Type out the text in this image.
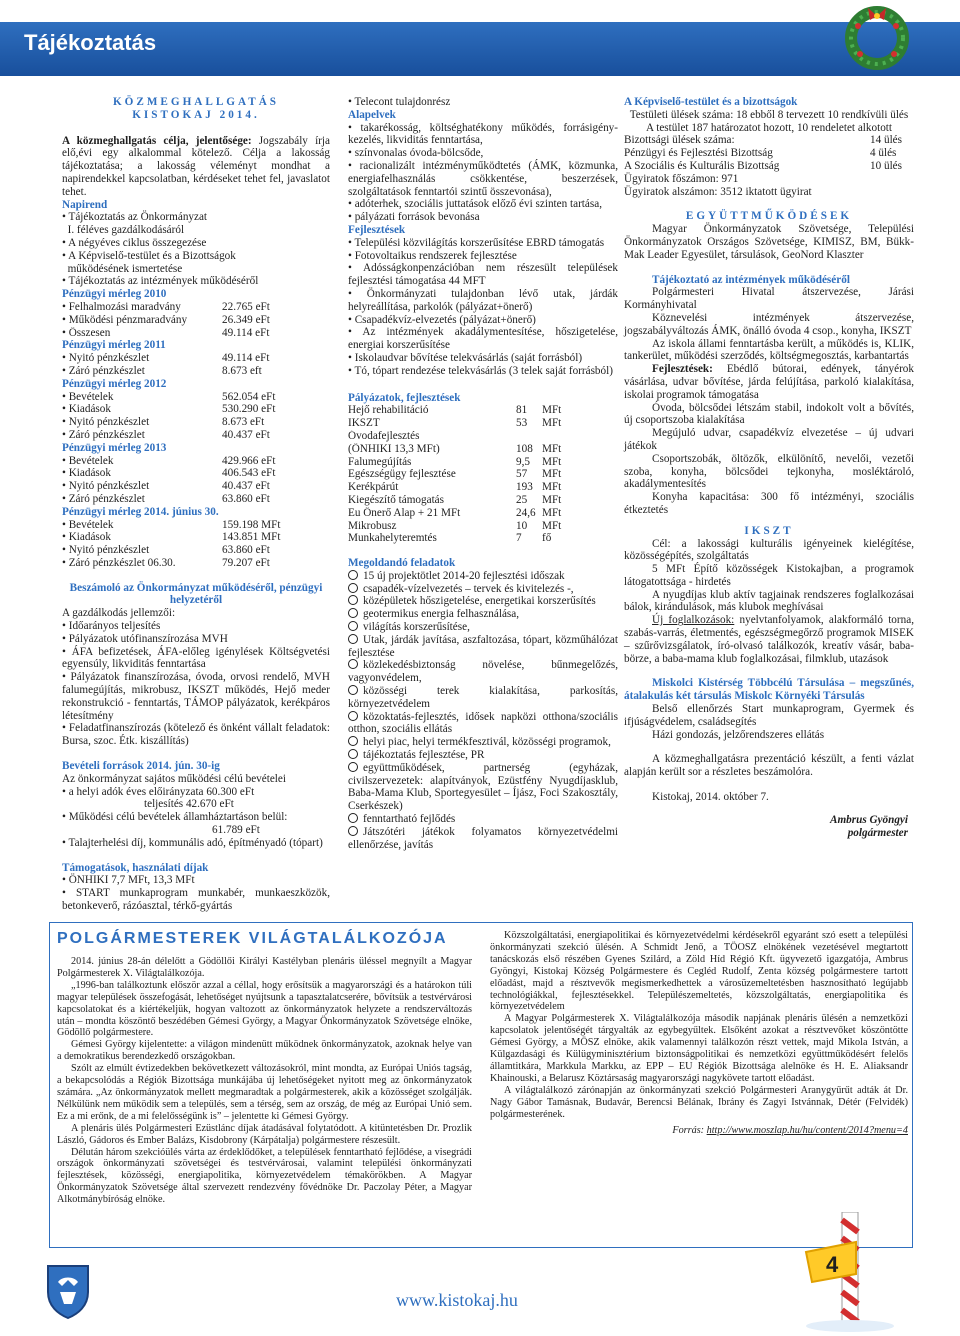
Tájékoztatás
KÖZMEGHALLGATÁS
KISTOKAJ 2014.
A közmeghallgatás célja, jelentősége: Jogszabály írja elő,évi egy alkalommal kötelező. Célja a lakosság tájékoztatása; a lakosság véleményt mondhat a napirendekkel kapcsolatban, kérdéseket tehet fel, javaslatot tehet.
Napirend
• Tájékoztatás az Önkormányzat
I. féléves gazdálkodásáról
• A négyéves ciklus összegezése
• A Képviselő-testület és a Bizottságok
működésének ismertetése
• Tájékoztatás az intézmények működéséről
Pénzügyi mérleg 2010
• Felhalmozási maradvány	22.765 eFt
• Működési pénzmaradvány	26.349 eFt
• Összesen	49.114 eFt
Pénzügyi mérleg 2011
• Nyitó pénzkészlet	49.114 eFt
• Záró pénzkészlet	8.673 eft
Pénzügyi mérleg 2012
• Bevételek	562.054 eFt
• Kiadások	530.290 eFt
• Nyitó pénzkészlet	8.673 eFt
• Záró pénzkészlet	40.437 eFt
Pénzügyi mérleg 2013
• Bevételek	429.966 eFt
• Kiadások	406.543 eFt
• Nyitó pénzkészlet	40.437 eFt
• Záró pénzkészlet	63.860 eFt
Pénzügyi mérleg 2014. június 30.
• Bevételek	159.198 MFt
• Kiadások	143.851 MFt
• Nyitó pénzkészlet	63.860 eFt
• Záró pénzkészlet 06.30.	79.207 eFt
Beszámoló az Önkormányzat működéséről, pénzügyi helyzetéről
A gazdálkodás jellemzői:
• Időarányos teljesítés
• Pályázatok utófinanszírozása MVH
• ÁFA befizetések, ÁFA-előleg igénylések Költségvetési egyensúly, likviditás fenntartása
• Pályázatok finanszírozása, óvoda, orvosi rendelő, MVH falumegújítás, mikrobusz, IKSZT működés, Hejő meder rekonstrukció - fenntartás, TÁMOP pályázatok, kerékpáros létesítmény
• Feladatfinanszírozás (kötelező és önként vállalt feladatok: Bursa, szoc. Étk. kiszállítás)
Bevételi források 2014. jún. 30-ig
Az önkormányzat sajátos működési célú bevételei
• a helyi adók éves előirányzata 60.300 eFt
teljesítés 42.670 eFt
• Működési célú bevételek államháztartáson belül:
61.789 eFt
• Talajterhelési díj, kommunális adó, építményadó (tópart)
Támogatások, használati díjak
• ÖNHIKI 7,7 MFt, 13,3 MFt
• START munkaprogram munkabér, munkaeszközök, betonkeverő, rázóasztal, térkő-gyártás
• Telecont tulajdonrész
Alapelvek
• takarékosság, költséghatékony működés, forrásigény-kezelés, likviditás fenntartása,
• színvonalas óvoda-bölcsőde,
• racionalizált intézményműködtetés (ÁMK, közmunka, energiafelhasználás csökkentése, beszerzések, szolgáltatások fenntartói szintű összevonása),
• adóterhek, szociális juttatások előző évi szinten tartása,
• pályázati források bevonása
Fejlesztések
• Települési közvilágítás korszerűsítése EBRD támogatás
• Fotovoltaikus rendszerek fejlesztése
• Adósságkonpenzációban nem részesült települések fejlesztési támogatása 44 MFT
• Önkormányzati tulajdonban lévő utak, járdák helyreállítása, parkolók (pályázat+önerő)
• Csapadékvíz-elvezetés (pályázat+önerő)
• Az intézmények akadálymentesítése, hőszigetelése, energiai korszerűsítése
• Iskolaudvar bővítése telekvásárlás (saját forrásból)
• Tó, tópart rendezése telekvásárlás (3 telek saját forrásból)
Pályázatok, fejlesztések
Hejő rehabilitáció	81 MFt
IKSZT	53 MFt
Óvodafejlesztés
(ÖNHIKI 13,3 MFt)	108 MFt
Falumegújítás	9,5 MFt
Egészségügy fejlesztése	57 MFt
Kerékpárút	193 MFt
Kiegészítő támogatás	25 MFt
Eu Önerő Alap + 21 MFt	24,6 MFt
Mikrobusz	10 MFt
Munkahelyteremtés	7 fő
Megoldandó feladatok
15 új projektötlet 2014-20 fejlesztési időszak
csapadék-vízelvezetés – tervek és kivitelezés -,
középületek hőszigetelése, energetikai korszerűsítés
geotermikus energia felhasználása,
világítás korszerűsítése,
Utak, járdák javítása, aszfaltozása, tópart, közműhálózat fejlesztése
közlekedésbiztonság növelése, bűnmegelőzés, vagyonvédelem,
közösségi terek kialakítása, parkosítás, környezetvédelem
közoktatás-fejlesztés, idősek napközi otthona/szociális otthon, szociális ellátás
helyi piac, helyi termékfesztivál, közösségi programok,
tájékoztatás fejlesztése, PR
együttműködések, partnerség (egyházak, civilszervezetek: alapítványok, Ezüstfény Nyugdíjasklub, Baba-Mama Klub, Sportegyesület – Íjász, Foci Szakosztály, Cserkészek)
fenntartható fejlődés
Játszótéri játékok folyamatos környezetvédelmi ellenőrzése, javítás
A Képviselő-testület és a bizottságok
Testületi ülések száma: 18 ebből 8 tervezett 10 rendkívüli ülés
A testület 187 határozatot hozott, 10 rendeletet alkotott
Bizottsági ülések száma:	14 ülés
Pénzügyi és Fejlesztési Bizottság	4 ülés
A Szociális és Kulturális Bizottság	10 ülés
Ügyiratok főszámon: 971
Ügyiratok alszámon: 3512 iktatott ügyirat
EGYÜTTMŰKÖDÉSEK
Magyar Önkormányzatok Szövetsége, Települési Önkormányzatok Országos Szövetsége, KIMISZ, BM, Bükk-Mak Leader Egyesület, társulások, GeoNord Klaszter
Tájékoztató az intézmények működéséről
Polgármesteri Hivatal átszervezése, Járási Kormányhivatal
Köznevelési intézmények átszervezése, jogszabályváltozás ÁMK, önálló óvoda 4 csop., konyha, IKSZT
Az iskola állami fenntartásba került, a működés is, KLIK, tankerület, működési szerződés, költségmegosztás, karbantartás
Fejlesztések: Ebédlő bútorai, edények, tányérok vásárlása, udvar bővítése, járda felújítása, parkoló kialakítása, iskolai programok támogatása
Óvoda, bölcsődei létszám stabil, indokolt volt a bővítés, új csoportszoba kialakítása
Megújuló udvar, csapadékvíz elvezetése – új udvari játékok
Csoportszobák, öltözők, elkülönítő, nevelői, vezetői szoba, konyha, bölcsődei tejkonyha, mosléktároló, akadálymentesítés
Konyha kapacitása: 300 fő intézményi, szociális étkeztetés
IKSZT
Cél: a lakossági kulturális igényeinek kielégítése, közösségépítés, szolgáltatás
5 MFt Építő közösségek Kistokajban, a programok látogatottsága - hirdetés
A nyugdíjas klub aktív tagjainak rendszeres foglalkozásai bálok, kirándulások, más klubok meghívásai
Új foglalkozások: nyelvtanfolyamok, alakformáló torna, szabás-varrás, életmentés, egészségmegőrző programok MISEK – szűrővizsgálatok, író-olvasó találkozók, kreatív vásár, baba-börze, a baba-mama klub foglalkozásai, filmklub, utazások
Miskolci Kistérség Többcélú Társulása – megszűnés, átalakulás két társulás Miskolc Környéki Társulás
Belső ellenőrzés Start munkaprogram, Gyermek és ifjúságvédelem, családsegítés
Házi gondozás, jelzőrendszeres ellátás
A közmeghallgatásra prezentáció készült, a fenti vázlat alapján került sor a részletes beszámolóra.
Kistokaj, 2014. október 7.
Ambrus Gyöngyi
polgármester
POLGÁRMESTEREK VILÁGTALÁLKOZÓJA
2014. június 28-án délelőtt a Gödöllői Királyi Kastélyban plenáris üléssel megnyílt a Magyar Polgármesterek X. Világtalálkozója.
„1996-ban találkoztunk először azzal a céllal, hogy erősítsük a magyarországi és a határokon túli magyar települések összefogását, lehetőséget nyújtsunk a tapasztalatcserére, bővítsük a testvérvárosi kapcsolatokat és a kiértékeljük, hogyan valtozott az önkormányzatok helyzete a rendszerváltozás után – mondta köszöntő beszédében Gémesi György, a Magyar Önkormányzatok Szövetsége elnöke, Gödöllő polgármestere.
Gémesi György kijelentette: a világon mindenütt működnek önkormányzatok, azoknak helye van a demokratikus berendezkedő országokban.
Szólt az elmúlt évtizedekben bekövetkezett változásokról, mint mondta, az Európai Uniós tagság, a bekapcsolódás a Régiók Bizottsága munkájába új lehetőségeket nyitott meg az önkormányzatok számára. „Az önkormányzatok mellett megmaradtak a polgármesterek, akik a közösséget szolgálják. Nélkülünk nem működik sem a település, sem a térség, sem az ország, de még az Európai Unió sem. Ez a mi erőnk, de a mi felelősségünk is” – jelentette ki Gémesi György.
A plenáris ülés Polgármesteri Ezüstlánc díjak átadásával folytatódott. A kitüntetésben Dr. Prozlik László, Gádoros és Ember Balázs, Kisdobrony (Kárpátalja) polgármestere részesült.
Délután három szekcióülés várta az érdeklődőket, a települések fenntartható fejlődése, a visegrádi országok önkormányzati szövetségei és testvérvárosai, valamint települési önkormányzati fejlesztések, közösségi, energiapolitika, környezetvédelem témakörökben. A Magyar Önkormányzatok Szövetsége által szervezett rendezvény fővédnöke Dr. Paczolay Péter, a Magyar Alkotmánybíróság elnöke.
Közszolgáltatási, energiapolitikai és környezetvédelmi kérdésekről egyaránt szó esett a települési önkormányzati szekció ülésén. A Schmidt Jenő, a TÖOSZ elnökének vezetésével megtartott tanácskozás első részében Gyenes Szilárd, a Zöld Híd Régió Kft. ügyvezető igazgatója, Ambrus Gyöngyi, Kistokaj Község Polgármestere és Cegléd Rudolf, Zenta község polgármestere tartott előadást, majd a résztvevők megismerkedhettek a városüzemeltetésben hasznosítható legújabb technológiákkal, fejlesztésekkel. Települészemeltetés, közszolgáltatás, energiapolitika és környezetvédelem
A Magyar Polgármesterek X. Világtalálkozója második napjának plenáris ülésén a nemzetközi kapcsolatok jelentőségét tárgyalták az egybegyűltek. Elsőként azokat a résztvevőket köszöntötte Gémesi György, a MÖSZ elnöke, akik valamennyi találkozón részt vettek, majd Mikola István, a Külgazdasági és Külügyminisztérium biztonságpolitikai és nemzetközi együttműködésért felelős államtitkára, Markkula Markku, az EPP – EU Régiók Bizottsága alelnöke és H. E. Aliaksandr Khainouski, a Belarusz Köztársaság magyarországi nagykövete tartott előadást.
A világtalálkozó zárónapján az önkormányzati szekció Polgármesteri Aranygyűrűt adták át Dr. Nagy Gábor Tamásnak, Budavár, Berencsi Bélának, Ibrány és Zagyi Istvánnak, Détér (Felvidék) polgármesterének.
Forrás: http://www.moszlap.hu/hu/content/2014?menu=4
www.kistokaj.hu
4
